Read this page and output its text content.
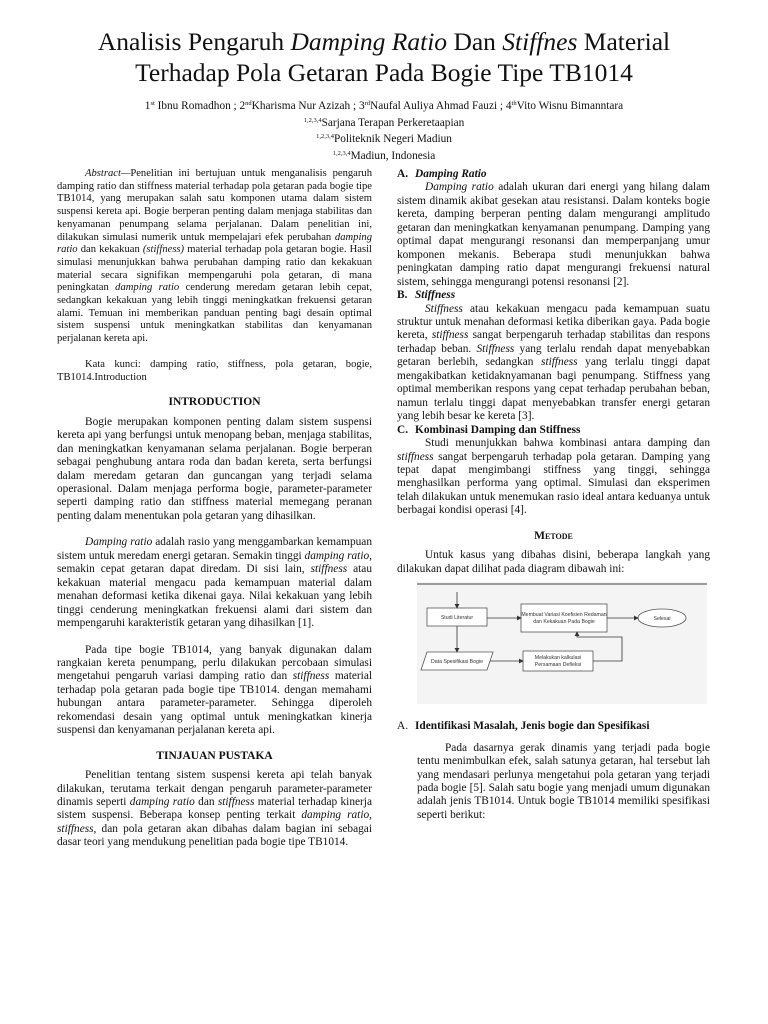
Analisis Pengaruh Damping Ratio Dan Stiffnes Material
Terhadap Pola Getaran Pada Bogie Tipe TB1014
1st Ibnu Romadhon ; 2ndKharisma Nur Azizah ; 3rdNaufal Auliya Ahmad Fauzi ; 4thVito Wisnu Bimanntara
$^{1,2,3,4}$Sarjana Terapan Perkeretaapian
$^{1,2,3,4}$Politeknik Negeri Madiun
$^{1,2,3,4}$Madiun, Indonesia

Abstract—Penelitian ini bertujuan untuk menganalisis pengaruh damping ratio dan stiffness material terhadap pola getaran pada bogie tipe TB1014, yang merupakan salah satu komponen utama dalam sistem suspensi kereta api. Bogie berperan penting dalam menjaga stabilitas dan kenyamanan penumpang selama perjalanan. Dalam penelitian ini, dilakukan simulasi numerik untuk mempelajari efek perubahan damping ratio dan kekakuan (stiffness) material terhadap pola getaran bogie. Hasil simulasi menunjukkan bahwa perubahan damping ratio dan kekakuan material secara signifikan mempengaruhi pola getaran, di mana peningkatan damping ratio cenderung meredam getaran lebih cepat, sedangkan kekakuan yang lebih tinggi meningkatkan frekuensi getaran alami. Temuan ini memberikan panduan penting bagi desain optimal sistem suspensi untuk meningkatkan stabilitas dan kenyamanan perjalanan kereta api.

Kata kunci: damping ratio, stiffness, pola getaran, bogie, TB1014.Introduction

INTRODUCTION

Bogie merupakan komponen penting dalam sistem suspensi kereta api yang berfungsi untuk menopang beban, menjaga stabilitas, dan meningkatkan kenyamanan selama perjalanan. Bogie berperan sebagai penghubung antara roda dan badan kereta, serta berfungsi dalam meredam getaran dan guncangan yang terjadi selama operasional. Dalam menjaga performa bogie, parameter-parameter seperti damping ratio dan stiffness material memegang peranan penting dalam menentukan pola getaran yang dihasilkan.

Damping ratio adalah rasio yang menggambarkan kemampuan sistem untuk meredam energi getaran. Semakin tinggi damping ratio, semakin cepat getaran dapat diredam. Di sisi lain, stiffness atau kekakuan material mengacu pada kemampuan material dalam menahan deformasi ketika dikenai gaya. Nilai kekakuan yang lebih tinggi cenderung meningkatkan frekuensi alami dari sistem dan mempengaruhi karakteristik getaran yang dihasilkan [1].

Pada tipe bogie TB1014, yang banyak digunakan dalam rangkaian kereta penumpang, perlu dilakukan percobaan simulasi mengetahui pengaruh variasi damping ratio dan stiffness material terhadap pola getaran pada bogie tipe TB1014. dengan memahami hubungan antara parameter-parameter. Sehingga diperoleh rekomendasi desain yang optimal untuk meningkatkan kinerja suspensi dan kenyamanan perjalanan kereta api.

TINJAUAN PUSTAKA

Penelitian tentang sistem suspensi kereta api telah banyak dilakukan, terutama terkait dengan pengaruh parameter-parameter dinamis seperti damping ratio dan stiffness material terhadap kinerja sistem suspensi. Beberapa konsep penting terkait damping ratio, stiffness, dan pola getaran akan dibahas dalam bagian ini sebagai dasar teori yang mendukung penelitian pada bogie tipe TB1014.

A. Damping Ratio

Damping ratio adalah ukuran dari energi yang hilang dalam sistem dinamik akibat gesekan atau resistansi. Dalam konteks bogie kereta, damping berperan penting dalam mengurangi amplitudo getaran dan meningkatkan kenyamanan penumpang. Damping yang optimal dapat mengurangi resonansi dan memperpanjang umur komponen mekanis. Beberapa studi menunjukkan bahwa peningkatan damping ratio dapat mengurangi frekuensi natural sistem, sehingga mengurangi potensi resonansi [2].

B. Stiffness

Stiffness atau kekakuan mengacu pada kemampuan suatu struktur untuk menahan deformasi ketika diberikan gaya. Pada bogie kereta, stiffness sangat berpengaruh terhadap stabilitas dan respons terhadap beban. Stiffness yang terlalu rendah dapat menyebabkan getaran berlebih, sedangkan stiffness yang terlalu tinggi dapat mengakibatkan ketidaknyamanan bagi penumpang. Stiffness yang optimal memberikan respons yang cepat terhadap perubahan beban, namun terlalu tinggi dapat menyebabkan transfer energi getaran yang lebih besar ke kereta [3].

C. Kombinasi Damping dan Stiffness

Studi menunjukkan bahwa kombinasi antara damping dan stiffness sangat berpengaruh terhadap pola getaran. Damping yang tepat dapat mengimbangi stiffness yang tinggi, sehingga menghasilkan performa yang optimal. Simulasi dan eksperimen telah dilakukan untuk menemukan rasio ideal antara keduanya untuk berbagai kondisi operasi [4].

Metode

Untuk kasus yang dibahas disini, beberapa langkah yang dilakukan dapat dilihat pada diagram dibawah ini:

Studi Literatur	Membuat Variasi Koefisien Redaman
dan Kekakuan Pada Bogie	Selesai
Data Spesifikasi Bogie
Melakukan kalkulasi
Persamaan Defleksi
A. Identifikasi Masalah, Jenis bogie dan Spesifikasi

Pada dasarnya gerak dinamis yang terjadi pada bogie tentu menimbulkan efek, salah satunya getaran, hal tersebut lah yang mendasari perlunya mengetahui pola getaran yang terjadi pada bogie [5]. Salah satu bogie yang menjadi umum digunakan adalah jenis TB1014. Untuk bogie TB1014 memiliki spesifikasi seperti berikut:
